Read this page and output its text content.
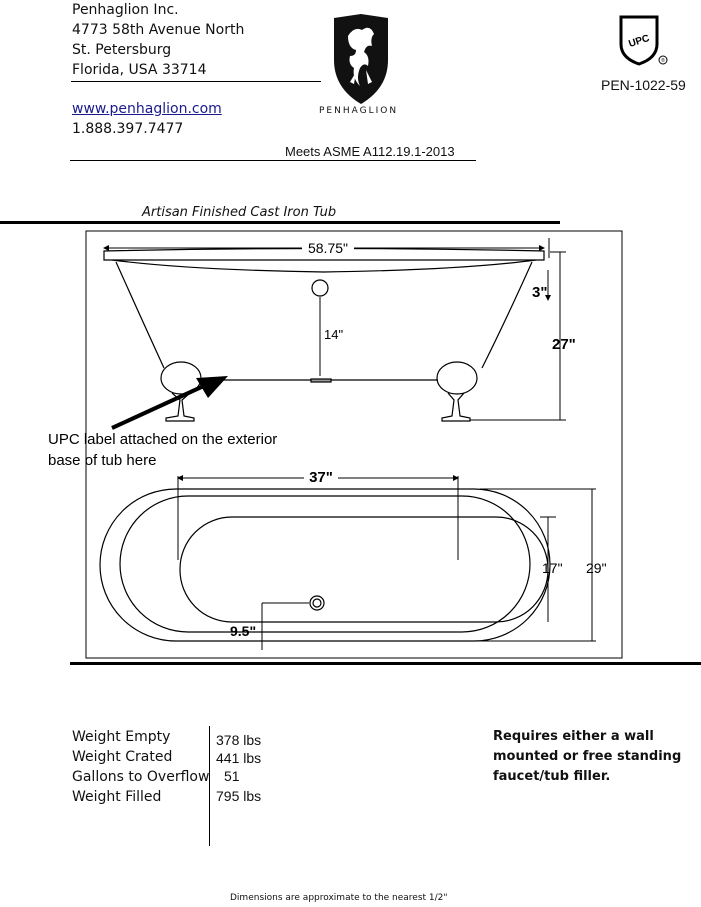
Penhaglion Inc.
4773 58th Avenue North
St. Petersburg
Florida, USA 33714
www.penhaglion.com
1.888.397.7477
Meets ASME A112.19.1-2013
PENHAGLION
UPC
®
PEN-1022-59
Artisan Finished Cast Iron Tub
58.75"
3"
27"
14"
UPC label attached on the exterior
base of tub here
37"
17" 29"
9.5"
Weight Empty
Weight Crated
Gallons to Overflow
Weight Filled
378 lbs
441 lbs
51
795 lbs
Requires either a wall mounted or free standing faucet/tub filler.
Dimensions are approximate to the nearest 1/2"
